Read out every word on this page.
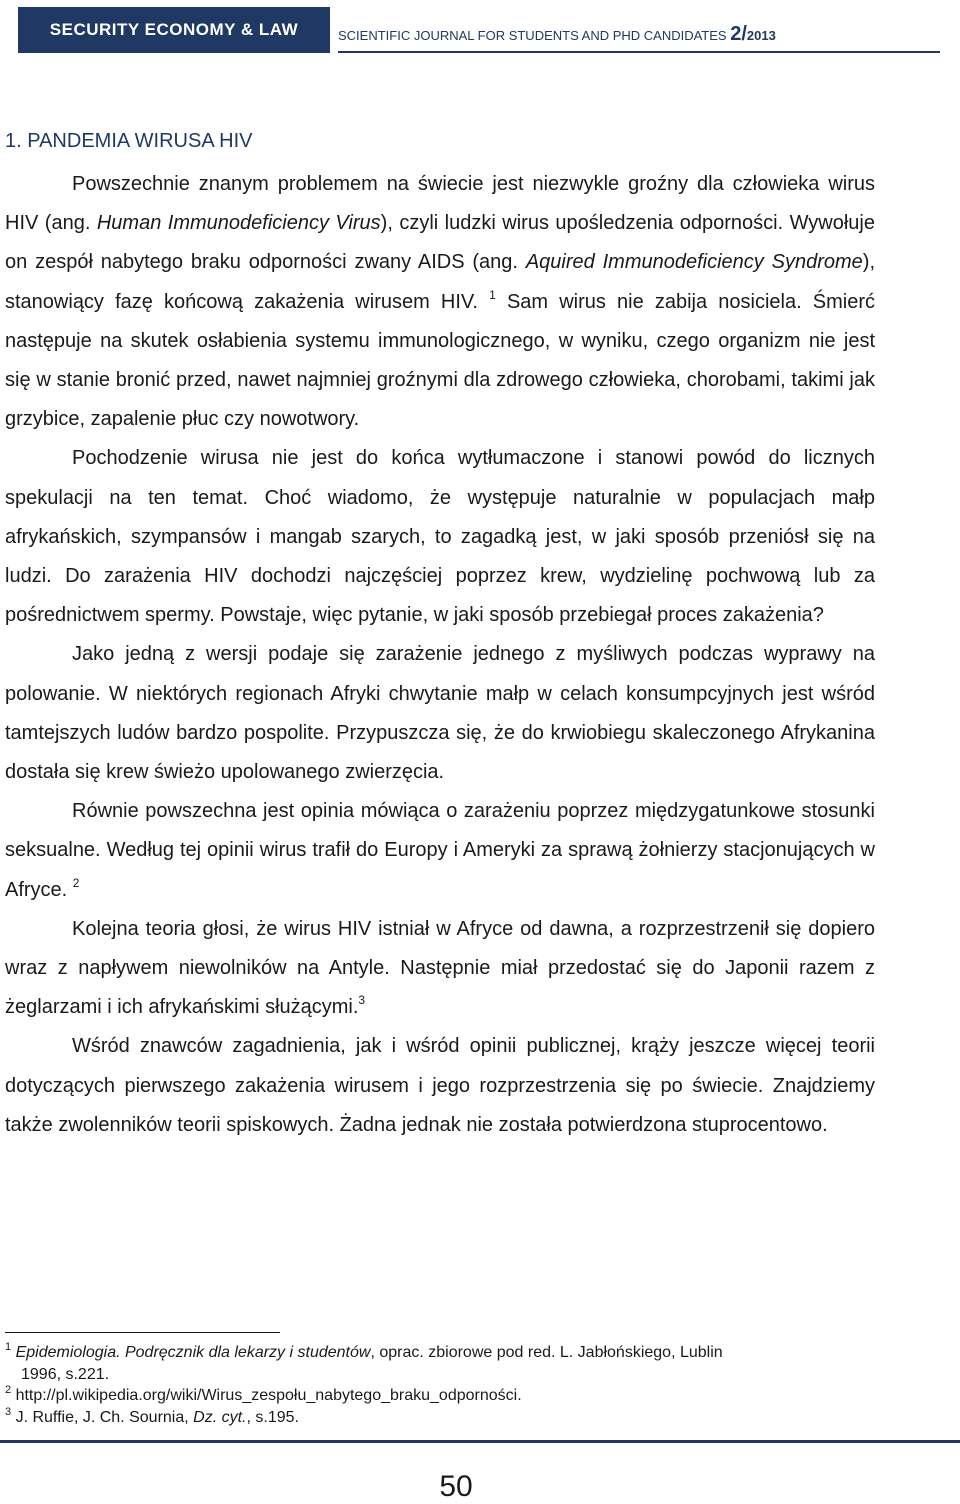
SECURITY ECONOMY & LAW	SCIENTIFIC JOURNAL FOR STUDENTS AND PHD CANDIDATES 2/2013
1. PANDEMIA WIRUSA HIV

Powszechnie znanym problemem na świecie jest niezwykle groźny dla człowieka wirus HIV (ang. Human Immunodeficiency Virus), czyli ludzki wirus upośledzenia odporności. Wywołuje on zespół nabytego braku odporności zwany AIDS (ang. Aquired Immunodeficiency Syndrome), stanowiący fazę końcową zakażenia wirusem HIV. $^1$ Sam wirus nie zabija nosiciela. Śmierć następuje na skutek osłabienia systemu immunologicznego, w wyniku, czego organizm nie jest się w stanie bronić przed, nawet najmniej groźnymi dla zdrowego człowieka, chorobami, takimi jak grzybice, zapalenie płuc czy nowotwory.

Pochodzenie wirusa nie jest do końca wytłumaczone i stanowi powód do licznych spekulacji na ten temat. Choć wiadomo, że występuje naturalnie w populacjach małp afrykańskich, szympansów i mangab szarych, to zagadką jest, w jaki sposób przeniósł się na ludzi. Do zarażenia HIV dochodzi najczęściej poprzez krew, wydzielinę pochwową lub za pośrednictwem spermy. Powstaje, więc pytanie, w jaki sposób przebiegał proces zakażenia?

Jako jedną z wersji podaje się zarażenie jednego z myśliwych podczas wyprawy na polowanie. W niektórych regionach Afryki chwytanie małp w celach konsumpcyjnych jest wśród tamtejszych ludów bardzo pospolite. Przypuszcza się, że do krwiobiegu skaleczonego Afrykanina dostała się krew świeżo upolowanego zwierzęcia.

Równie powszechna jest opinia mówiąca o zarażeniu poprzez międzygatunkowe stosunki seksualne. Według tej opinii wirus trafił do Europy i Ameryki za sprawą żołnierzy stacjonujących w Afryce. $^2$

Kolejna teoria głosi, że wirus HIV istniał w Afryce od dawna, a rozprzestrzenił się dopiero wraz z napływem niewolników na Antyle. Następnie miał przedostać się do Japonii razem z żeglarzami i ich afrykańskimi służącymi.$^3$

Wśród znawców zagadnienia, jak i wśród opinii publicznej, krąży jeszcze więcej teorii dotyczących pierwszego zakażenia wirusem i jego rozprzestrzenia się po świecie. Znajdziemy także zwolenników teorii spiskowych. Żadna jednak nie została potwierdzona stuprocentowo.

$^1$ Epidemiologia. Podręcznik dla lekarzy i studentów, oprac. zbiorowe pod red. L. Jabłońskiego, Lublin
1996, s.221.
$^2$ http://pl.wikipedia.org/wiki/Wirus_zespołu_nabytego_braku_odporności.
$^3$ J. Ruffie, J. Ch. Sournia, Dz. cyt., s.195.
50
